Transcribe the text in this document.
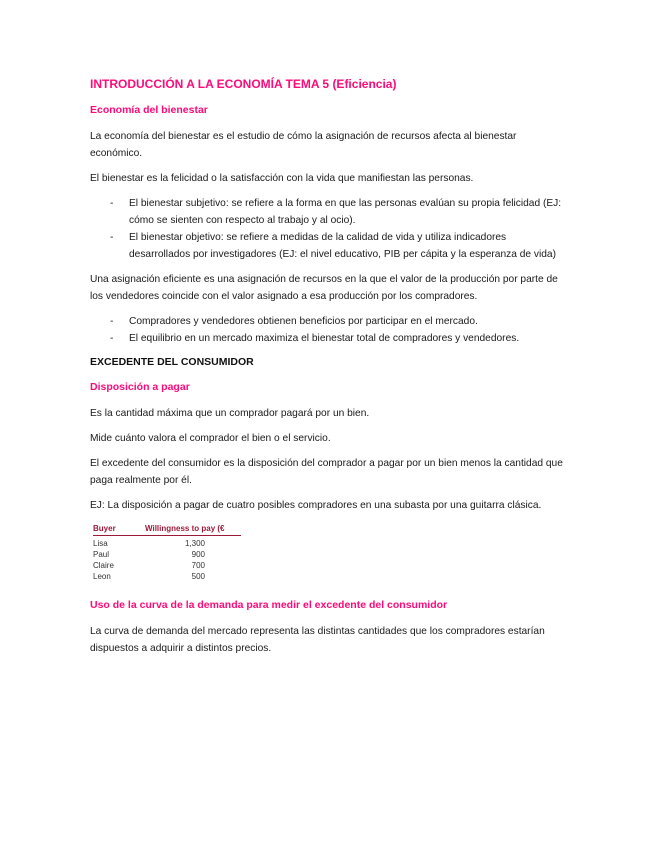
INTRODUCCIÓN A LA ECONOMÍA TEMA 5 (Eficiencia)
Economía del bienestar

La economía del bienestar es el estudio de cómo la asignación de recursos afecta al bienestar económico.

El bienestar es la felicidad o la satisfacción con la vida que manifiestan las personas.

- El bienestar subjetivo: se refiere a la forma en que las personas evalúan su propia felicidad (EJ: cómo se sienten con respecto al trabajo y al ocio).
- El bienestar objetivo: se refiere a medidas de la calidad de vida y utiliza indicadores desarrollados por investigadores (EJ: el nivel educativo, PIB per cápita y la esperanza de vida)

Una asignación eficiente es una asignación de recursos en la que el valor de la producción por parte de los vendedores coincide con el valor asignado a esa producción por los compradores.

- Compradores y vendedores obtienen beneficios por participar en el mercado.
- El equilibrio en un mercado maximiza el bienestar total de compradores y vendedores.
EXCEDENTE DEL CONSUMIDOR
Disposición a pagar

Es la cantidad máxima que un comprador pagará por un bien.

Mide cuánto valora el comprador el bien o el servicio.

El excedente del consumidor es la disposición del comprador a pagar por un bien menos la cantidad que paga realmente por él.

EJ: La disposición a pagar de cuatro posibles compradores en una subasta por una guitarra clásica.

Buyer	Willingness to pay (€
Lisa	1,300
Paul	900
Claire	700
Leon	500
Uso de la curva de la demanda para medir el excedente del consumidor

La curva de demanda del mercado representa las distintas cantidades que los compradores estarían dispuestos a adquirir a distintos precios.
